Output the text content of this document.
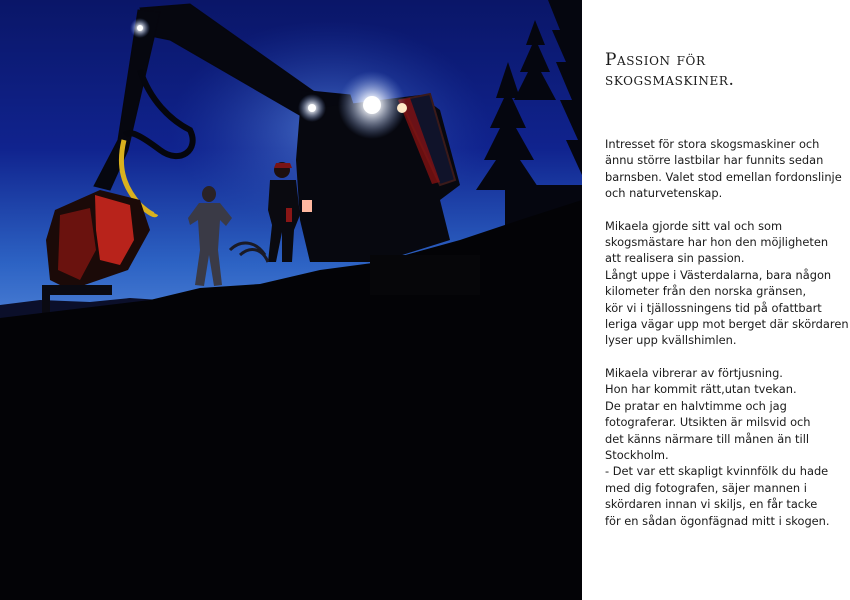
Passion för
skogsmaskiner.
Intresset för stora skogsmaskiner och
ännu större lastbilar har funnits sedan
barnsben. Valet stod emellan fordonslinje
och naturvetenskap.
Mikaela gjorde sitt val och som
skogsmästare har hon den möjligheten
att realisera sin passion.
Långt uppe i Västerdalarna, bara någon
kilometer från den norska gränsen,
kör vi i tjällossningens tid på ofattbart
leriga vägar upp mot berget där skördaren
lyser upp kvällshimlen.
Mikaela vibrerar av förtjusning.
Hon har kommit rätt,utan tvekan.
De pratar en halvtimme och jag
fotograferar. Utsikten är milsvid och
det känns närmare till månen än till
Stockholm.
- Det var ett skapligt kvinnfölk du hade
med dig fotografen, säjer mannen i
skördaren innan vi skiljs, en får tacke
för en sådan ögonfägnad mitt i skogen.
